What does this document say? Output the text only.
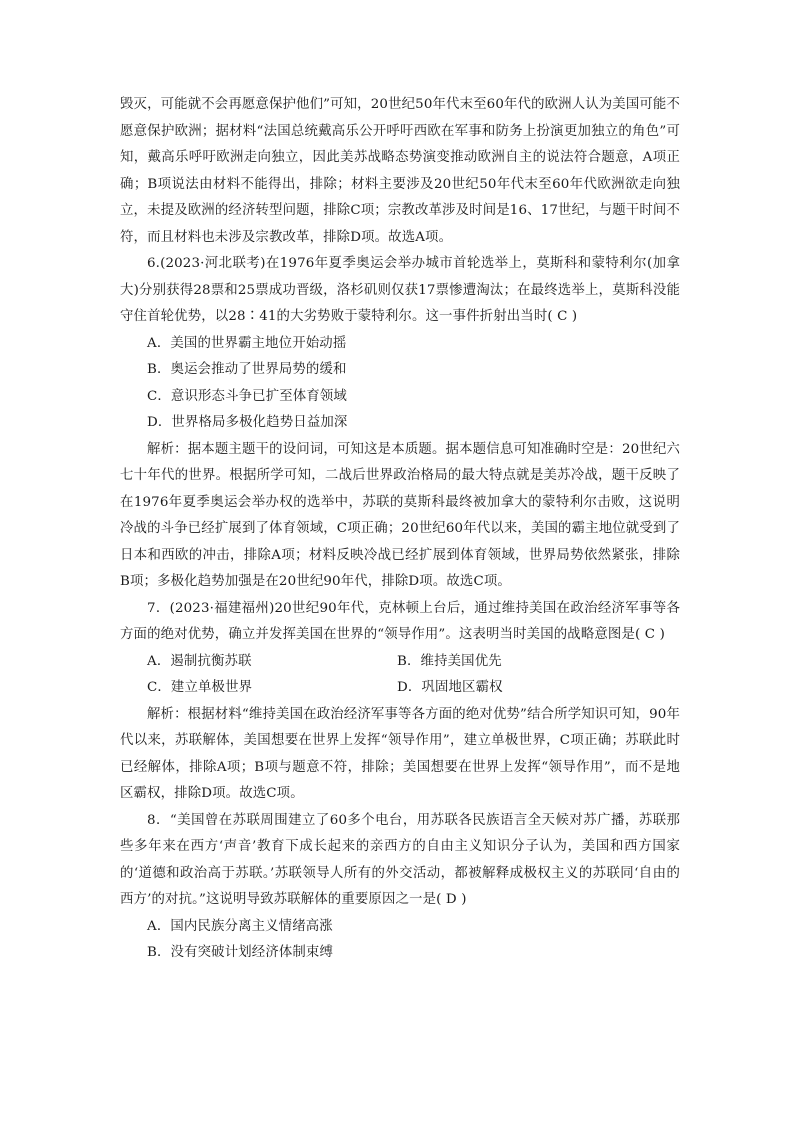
毁灭，可能就不会再愿意保护他们”可知，20世纪50年代末至60年代的欧洲人认为美国可能不愿意保护欧洲；据材料“法国总统戴高乐公开呼吁西欧在军事和防务上扮演更加独立的角色”可知，戴高乐呼吁欧洲走向独立，因此美苏战略态势演变推动欧洲自主的说法符合题意，A项正确；B项说法由材料不能得出，排除；材料主要涉及20世纪50年代末至60年代欧洲欲走向独立，未提及欧洲的经济转型问题，排除C项；宗教改革涉及时间是16、17世纪，与题干时间不符，而且材料也未涉及宗教改革，排除D项。故选A项。

6.(2023·河北联考)在1976年夏季奥运会举办城市首轮选举上，莫斯科和蒙特利尔(加拿大)分别获得28票和25票成功晋级，洛杉矶则仅获17票惨遭淘汰；在最终选举上，莫斯科没能守住首轮优势，以28∶41的大劣势败于蒙特利尔。这一事件折射出当时( C )

A．美国的世界霸主地位开始动摇

B．奥运会推动了世界局势的缓和

C．意识形态斗争已扩至体育领域

D．世界格局多极化趋势日益加深

解析：据本题主题干的设问词，可知这是本质题。据本题信息可知准确时空是：20世纪六七十年代的世界。根据所学可知，二战后世界政治格局的最大特点就是美苏冷战，题干反映了在1976年夏季奥运会举办权的选举中，苏联的莫斯科最终被加拿大的蒙特利尔击败，这说明冷战的斗争已经扩展到了体育领域，C项正确；20世纪60年代以来，美国的霸主地位就受到了日本和西欧的冲击，排除A项；材料反映冷战已经扩展到体育领域，世界局势依然紧张，排除B项；多极化趋势加强是在20世纪90年代，排除D项。故选C项。

7．(2023·福建福州)20世纪90年代，克林顿上台后，通过维持美国在政治经济军事等各方面的绝对优势，确立并发挥美国在世界的“领导作用”。这表明当时美国的战略意图是( C )

A．遏制抗衡苏联	B．维持美国优先
C．建立单极世界	D．巩固地区霸权

解析：根据材料“维持美国在政治经济军事等各方面的绝对优势”结合所学知识可知，90年代以来，苏联解体，美国想要在世界上发挥“领导作用”，建立单极世界，C项正确；苏联此时已经解体，排除A项；B项与题意不符，排除；美国想要在世界上发挥“领导作用”，而不是地区霸权，排除D项。故选C项。

8．“美国曾在苏联周围建立了60多个电台，用苏联各民族语言全天候对苏广播，苏联那些多年来在西方‘声音’教育下成长起来的亲西方的自由主义知识分子认为，美国和西方国家的‘道德和政治高于苏联。’苏联领导人所有的外交活动，都被解释成极权主义的苏联同‘自由的西方’的对抗。”这说明导致苏联解体的重要原因之一是( D )

A．国内民族分离主义情绪高涨

B．没有突破计划经济体制束缚
